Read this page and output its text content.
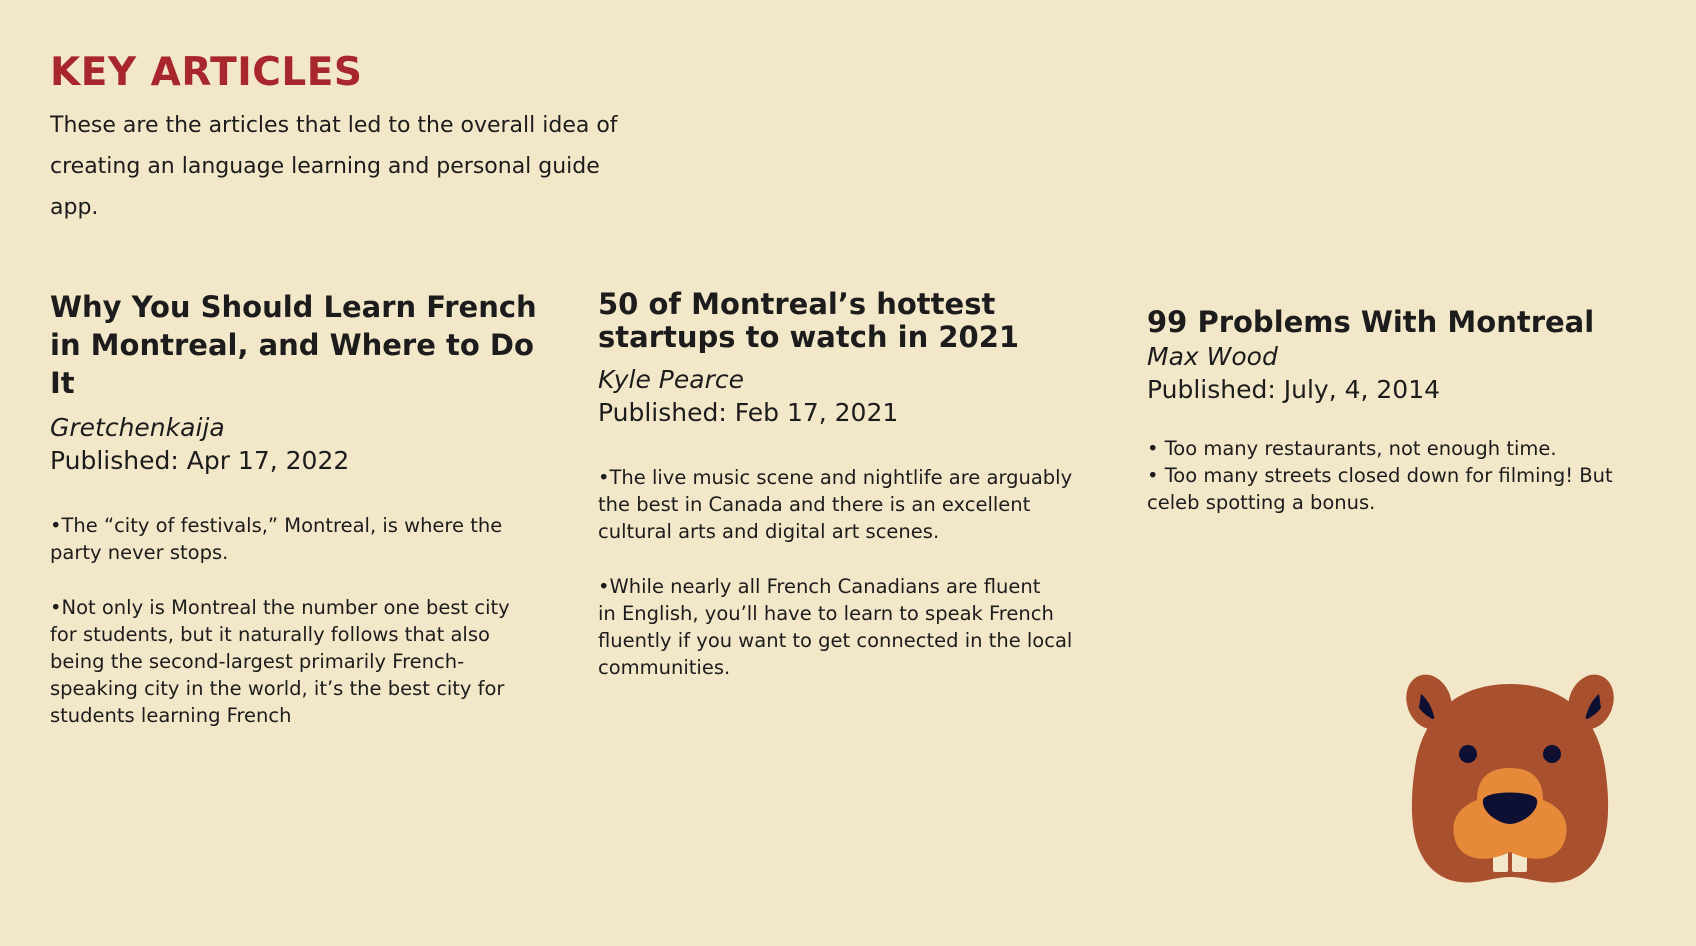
KEY ARTICLES

These are the articles that led to the overall idea of creating an language learning and personal guide app.

Why You Should Learn French
in Montreal, and Where to Do It

Gretchenkaija

Published: Apr 17, 2022

•The “city of festivals,” Montreal, is where the
party never stops.

•Not only is Montreal the number one best city
for students, but it naturally follows that also
being the second-largest primarily French-
speaking city in the world, it’s the best city for
students learning French

50 of Montreal’s hottest
startups to watch in 2021

Kyle Pearce

Published: Feb 17, 2021

•The live music scene and nightlife are arguably
the best in Canada and there is an excellent
cultural arts and digital art scenes.

•While nearly all French Canadians are fluent
in English, you’ll have to learn to speak French
fluently if you want to get connected in the local
communities.

99 Problems With Montreal

Max Wood

Published: July, 4, 2014

• Too many restaurants, not enough time.

• Too many streets closed down for filming! But
celeb spotting a bonus.
